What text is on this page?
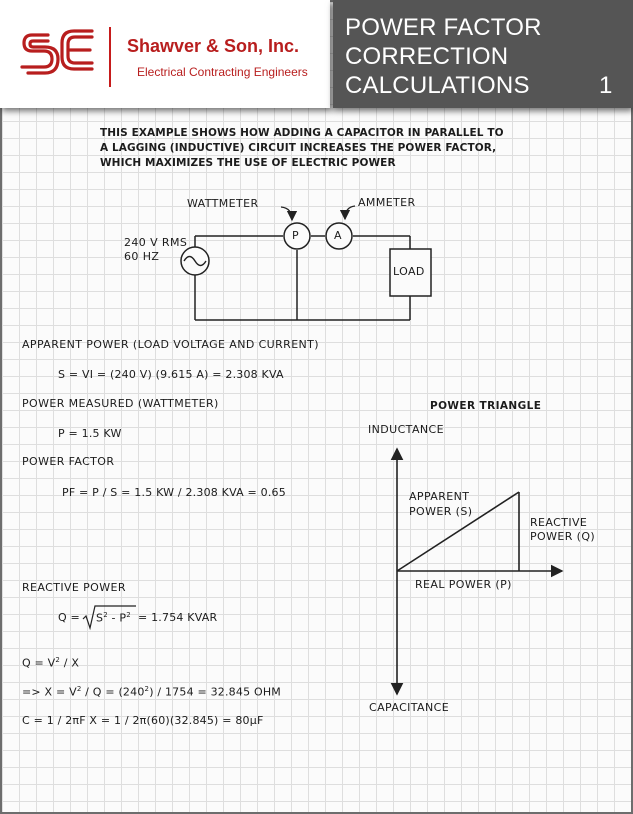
Shawver & Son, Inc.
Electrical Contracting Engineers
POWER FACTOR
CORRECTION
CALCULATIONS	1
THIS EXAMPLE SHOWS HOW ADDING A CAPACITOR IN PARALLEL TO
A LAGGING (INDUCTIVE) CIRCUIT INCREASES THE POWER FACTOR,
WHICH MAXIMIZES THE USE OF ELECTRIC POWER
WATTMETER	AMMETER
240 V RMS
60 HZ
P	A
LOAD
APPARENT POWER (LOAD VOLTAGE AND CURRENT)
S = VI = (240 V) (9.615 A) = 2.308 KVA
POWER MEASURED (WATTMETER)
P = 1.5 KW
POWER FACTOR
PF = P / S = 1.5 KW / 2.308 KVA = 0.65
REACTIVE POWER
$Q = S^2 - P^2 = 1.754$ KVAR
$Q = V^2 / X$
=> $X = V^2 / Q = (240^2) / 1754 = 32.845$ OHM
C = 1 / 2πF X = 1 / 2π(60)(32.845) = 80μF
POWER TRIANGLE
INDUCTANCE
CAPACITANCE
APPARENT
POWER (S)
REACTIVE
POWER (Q)
REAL POWER (P)
